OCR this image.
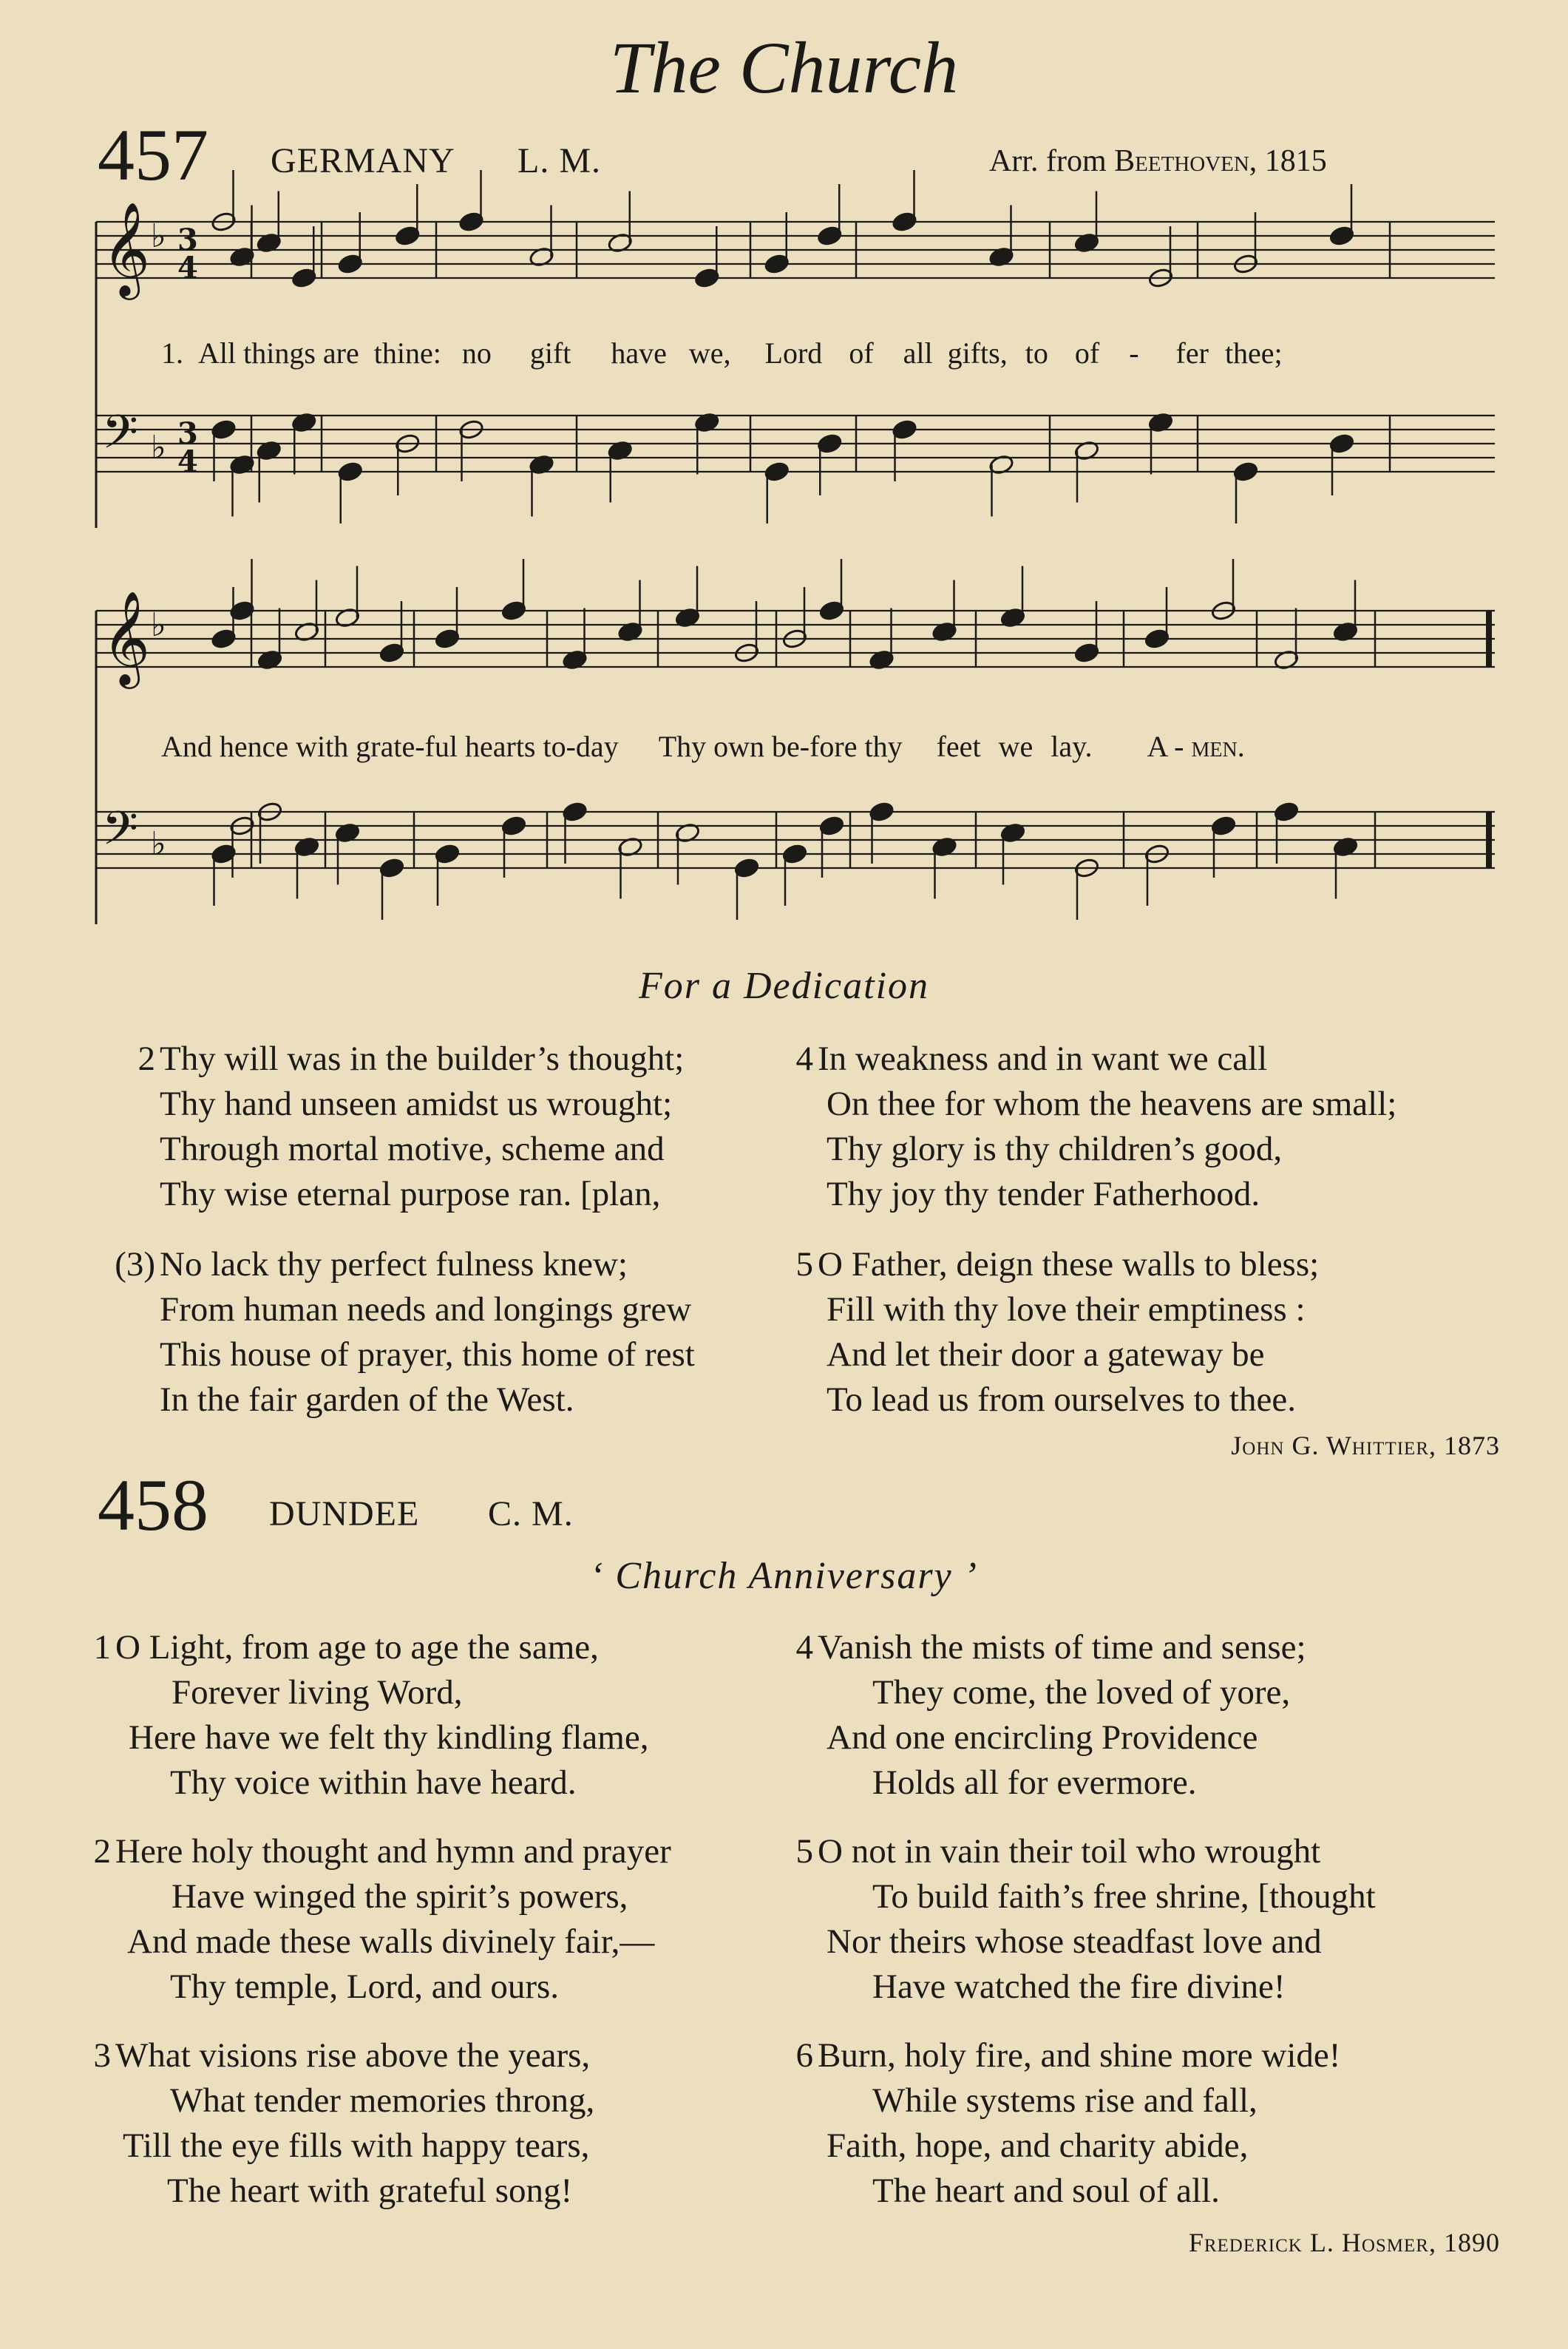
The Church
457 GERMANY L. M.	Arr. from Beethoven, 1815
𝄞 ♭ 3
4
𝄢 ♭ 3
4
𝄞 ♭
𝄢 ♭
1. All things are thine: no gift have we, Lord of all gifts, to of - fer thee;
And hence with grate-ful hearts to-day Thy own be-fore thy feet we lay. A - men.
For a Dedication
2 Thy will was in the builder’s thought;
Thy hand unseen amidst us wrought;
Through mortal motive, scheme and
Thy wise eternal purpose ran. [plan,
(3) No lack thy perfect fulness knew;
From human needs and longings grew
This house of prayer, this home of rest
In the fair garden of the West.
4 In weakness and in want we call
On thee for whom the heavens are small;
Thy glory is thy children’s good,
Thy joy thy tender Fatherhood.
5 O Father, deign these walls to bless;
Fill with thy love their emptiness :
And let their door a gateway be
To lead us from ourselves to thee.
John G. Whittier, 1873
458 DUNDEE C. M.
‘ Church Anniversary ’
1 O Light, from age to age the same,
Forever living Word,
Here have we felt thy kindling flame,
Thy voice within have heard.
2 Here holy thought and hymn and prayer
Have winged the spirit’s powers,
And made these walls divinely fair,—
Thy temple, Lord, and ours.
3 What visions rise above the years,
What tender memories throng,
Till the eye fills with happy tears,
The heart with grateful song!
4 Vanish the mists of time and sense;
They come, the loved of yore,
And one encircling Providence
Holds all for evermore.
5 O not in vain their toil who wrought
To build faith’s free shrine, [thought
Nor theirs whose steadfast love and
Have watched the fire divine!
6 Burn, holy fire, and shine more wide!
While systems rise and fall,
Faith, hope, and charity abide,
The heart and soul of all.
Frederick L. Hosmer, 1890
